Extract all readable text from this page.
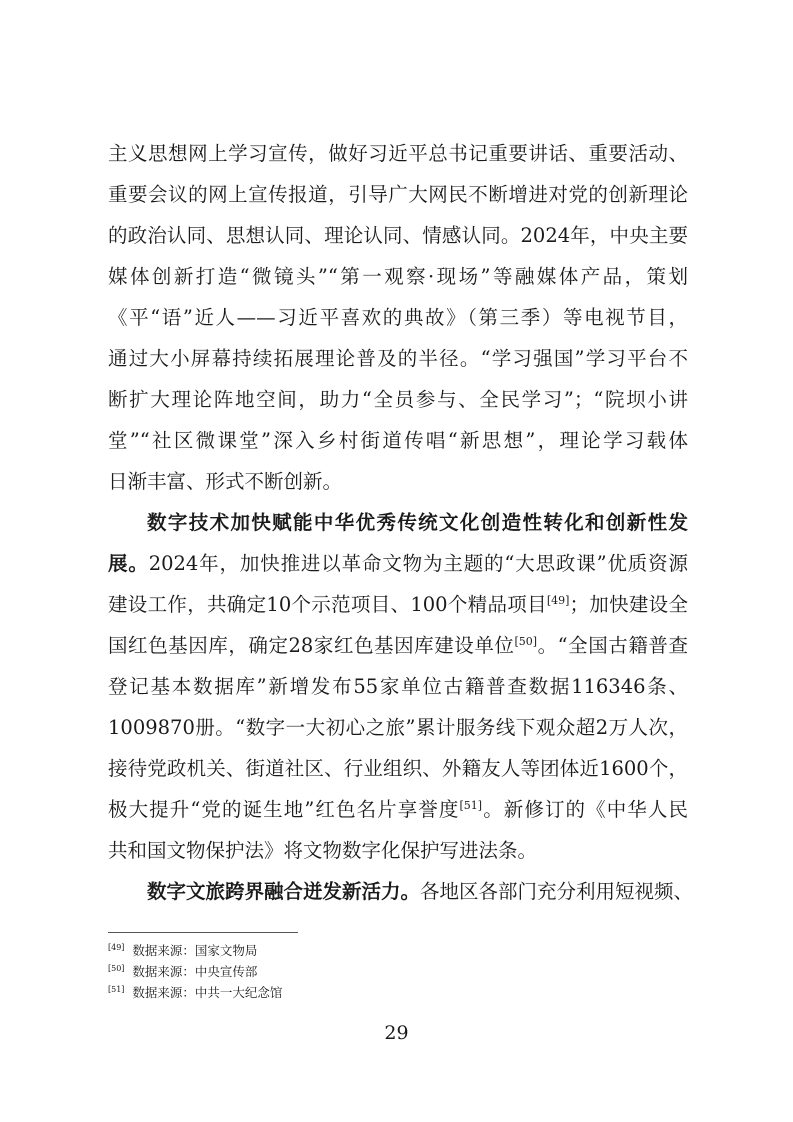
主义思想网上学习宣传，做好习近平总书记重要讲话、重要活动、
重要会议的网上宣传报道，引导广大网民不断增进对党的创新理论
的政治认同、思想认同、理论认同、情感认同。2024年，中央主要
媒体创新打造“微镜头”“第一观察·现场”等融媒体产品，策划
《平“语”近人——习近平喜欢的典故》（第三季）等电视节目，
通过大小屏幕持续拓展理论普及的半径。“学习强国”学习平台不
断扩大理论阵地空间，助力“全员参与、全民学习”；“院坝小讲
堂”“社区微课堂”深入乡村街道传唱“新思想”，理论学习载体
日渐丰富、形式不断创新。
数字技术加快赋能中华优秀传统文化创造性转化和创新性发
展。2024年，加快推进以革命文物为主题的“大思政课”优质资源
建设工作，共确定10个示范项目、100个精品项目[49]；加快建设全
国红色基因库，确定28家红色基因库建设单位[50]。“全国古籍普查
登记基本数据库”新增发布55家单位古籍普查数据116346条、
1009870册。“数字一大初心之旅”累计服务线下观众超2万人次，
接待党政机关、街道社区、行业组织、外籍友人等团体近1600个，
极大提升“党的诞生地”红色名片享誉度[51]。新修订的《中华人民
共和国文物保护法》将文物数字化保护写进法条。
数字文旅跨界融合迸发新活力。各地区各部门充分利用短视频、
[49] 数据来源：国家文物局
[50] 数据来源：中央宣传部
[51] 数据来源：中共一大纪念馆
29
